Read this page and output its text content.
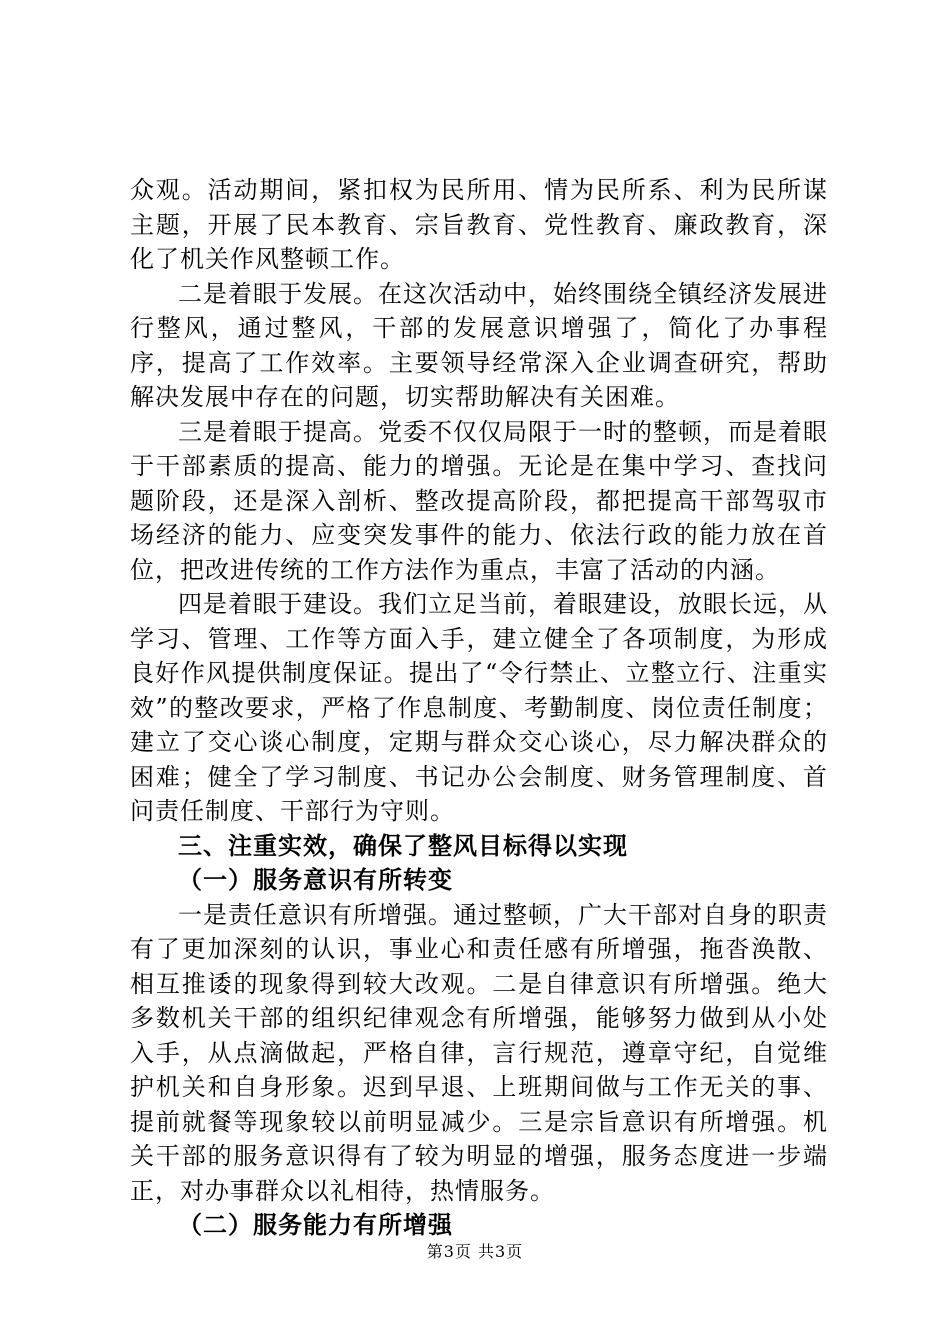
众观。活动期间，紧扣权为民所用、情为民所系、利为民所谋主题，开展了民本教育、宗旨教育、党性教育、廉政教育，深化了机关作风整顿工作。

二是着眼于发展。在这次活动中，始终围绕全镇经济发展进行整风，通过整风，干部的发展意识增强了，简化了办事程序，提高了工作效率。主要领导经常深入企业调查研究，帮助解决发展中存在的问题，切实帮助解决有关困难。

三是着眼于提高。党委不仅仅局限于一时的整顿，而是着眼于干部素质的提高、能力的增强。无论是在集中学习、查找问题阶段，还是深入剖析、整改提高阶段，都把提高干部驾驭市场经济的能力、应变突发事件的能力、依法行政的能力放在首位，把改进传统的工作方法作为重点，丰富了活动的内涵。

四是着眼于建设。我们立足当前，着眼建设，放眼长远，从学习、管理、工作等方面入手，建立健全了各项制度，为形成良好作风提供制度保证。提出了“令行禁止、立整立行、注重实效”的整改要求，严格了作息制度、考勤制度、岗位责任制度；建立了交心谈心制度，定期与群众交心谈心，尽力解决群众的困难；健全了学习制度、书记办公会制度、财务管理制度、首问责任制度、干部行为守则。

三、注重实效，确保了整风目标得以实现
（一）服务意识有所转变

一是责任意识有所增强。通过整顿，广大干部对自身的职责有了更加深刻的认识，事业心和责任感有所增强，拖沓涣散、相互推诿的现象得到较大改观。二是自律意识有所增强。绝大多数机关干部的组织纪律观念有所增强，能够努力做到从小处入手，从点滴做起，严格自律，言行规范，遵章守纪，自觉维护机关和自身形象。迟到早退、上班期间做与工作无关的事、提前就餐等现象较以前明显减少。三是宗旨意识有所增强。机关干部的服务意识得有了较为明显的增强，服务态度进一步端正，对办事群众以礼相待，热情服务。

（二）服务能力有所增强
第3页 共3页
